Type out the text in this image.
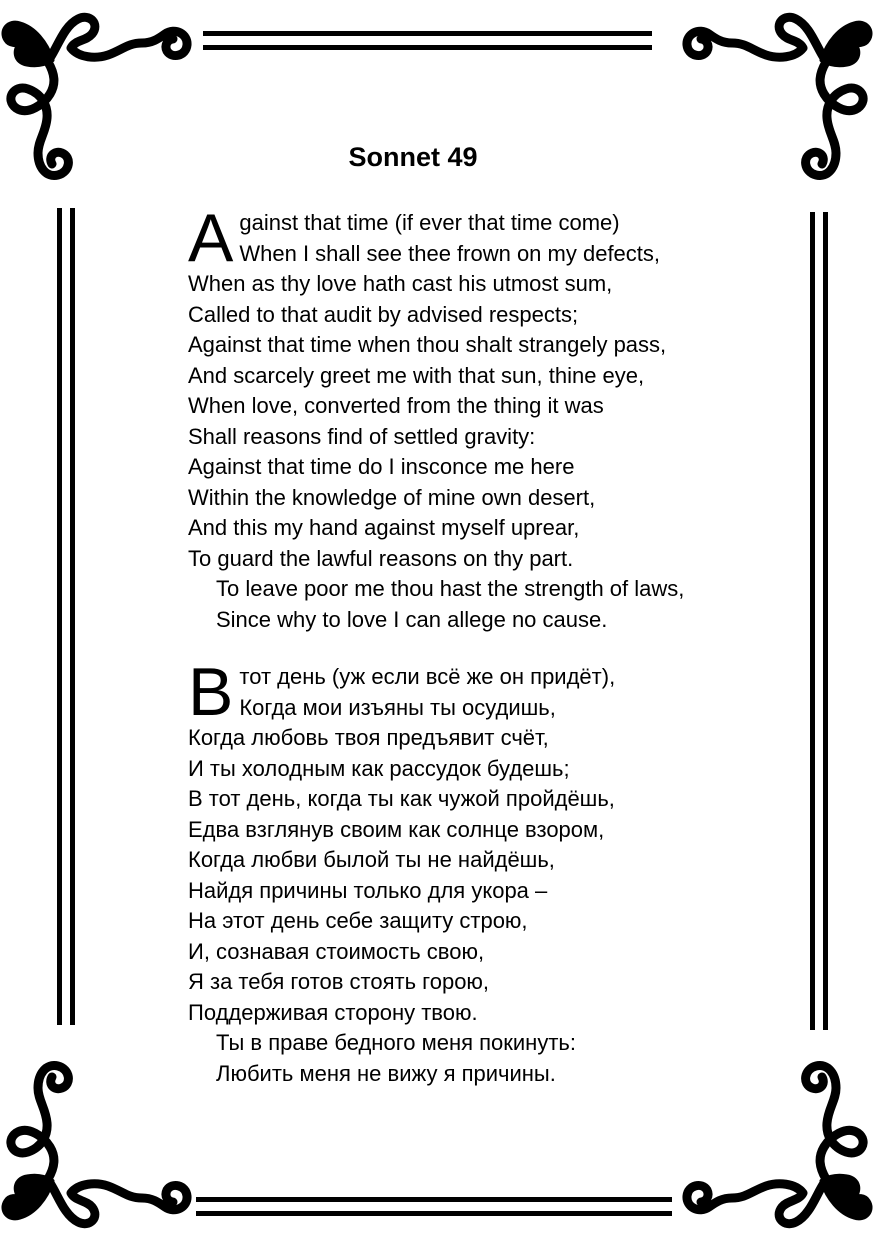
Sonnet 49
A gainst that time (if ever that time come)
When I shall see thee frown on my defects,
When as thy love hath cast his utmost sum,
Called to that audit by advised respects;
Against that time when thou shalt strangely pass,
And scarcely greet me with that sun, thine eye,
When love, converted from the thing it was
Shall reasons find of settled gravity:
Against that time do I insconce me here
Within the knowledge of mine own desert,
And this my hand against myself uprear,
To guard the lawful reasons on thy part.
To leave poor me thou hast the strength of laws,
Since why to love I can allege no cause.
В тот день (уж если всё же он придёт),
Когда мои изъяны ты осудишь,
Когда любовь твоя предъявит счёт,
И ты холодным как рассудок будешь;
В тот день, когда ты как чужой пройдёшь,
Едва взглянув своим как солнце взором,
Когда любви былой ты не найдёшь,
Найдя причины только для укора –
На этот день себе защиту строю,
И, сознавая стоимость свою,
Я за тебя готов стоять горою,
Поддерживая сторону твою.
Ты в праве бедного меня покинуть:
Любить меня не вижу я причины.
